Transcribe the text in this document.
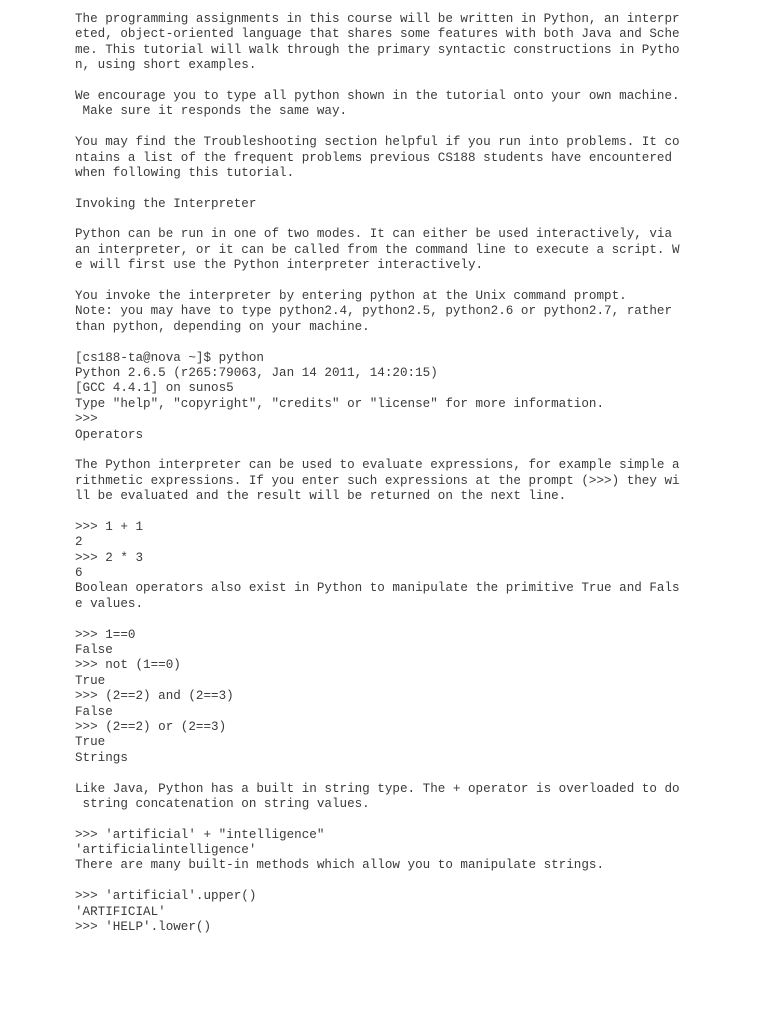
The programming assignments in this course will be written in Python, an interpr
eted, object-oriented language that shares some features with both Java and Sche
me. This tutorial will walk through the primary syntactic constructions in Pytho
n, using short examples.
We encourage you to type all python shown in the tutorial onto your own machine.
Make sure it responds the same way.
You may find the Troubleshooting section helpful if you run into problems. It co
ntains a list of the frequent problems previous CS188 students have encountered
when following this tutorial.
Invoking the Interpreter
Python can be run in one of two modes. It can either be used interactively, via
an interpreter, or it can be called from the command line to execute a script. W
e will first use the Python interpreter interactively.
You invoke the interpreter by entering python at the Unix command prompt.
Note: you may have to type python2.4, python2.5, python2.6 or python2.7, rather
than python, depending on your machine.
[cs188-ta@nova ~]$ python
Python 2.6.5 (r265:79063, Jan 14 2011, 14:20:15)
[GCC 4.4.1] on sunos5
Type "help", "copyright", "credits" or "license" for more information.
>>>
Operators
The Python interpreter can be used to evaluate expressions, for example simple a
rithmetic expressions. If you enter such expressions at the prompt (>>>) they wi
ll be evaluated and the result will be returned on the next line.
>>> 1 + 1
2
>>> 2 * 3
6
Boolean operators also exist in Python to manipulate the primitive True and Fals
e values.
>>> 1==0
False
>>> not (1==0)
True
>>> (2==2) and (2==3)
False
>>> (2==2) or (2==3)
True
Strings
Like Java, Python has a built in string type. The + operator is overloaded to do
string concatenation on string values.
>>> 'artificial' + "intelligence"
'artificialintelligence'
There are many built-in methods which allow you to manipulate strings.
>>> 'artificial'.upper()
'ARTIFICIAL'
>>> 'HELP'.lower()
